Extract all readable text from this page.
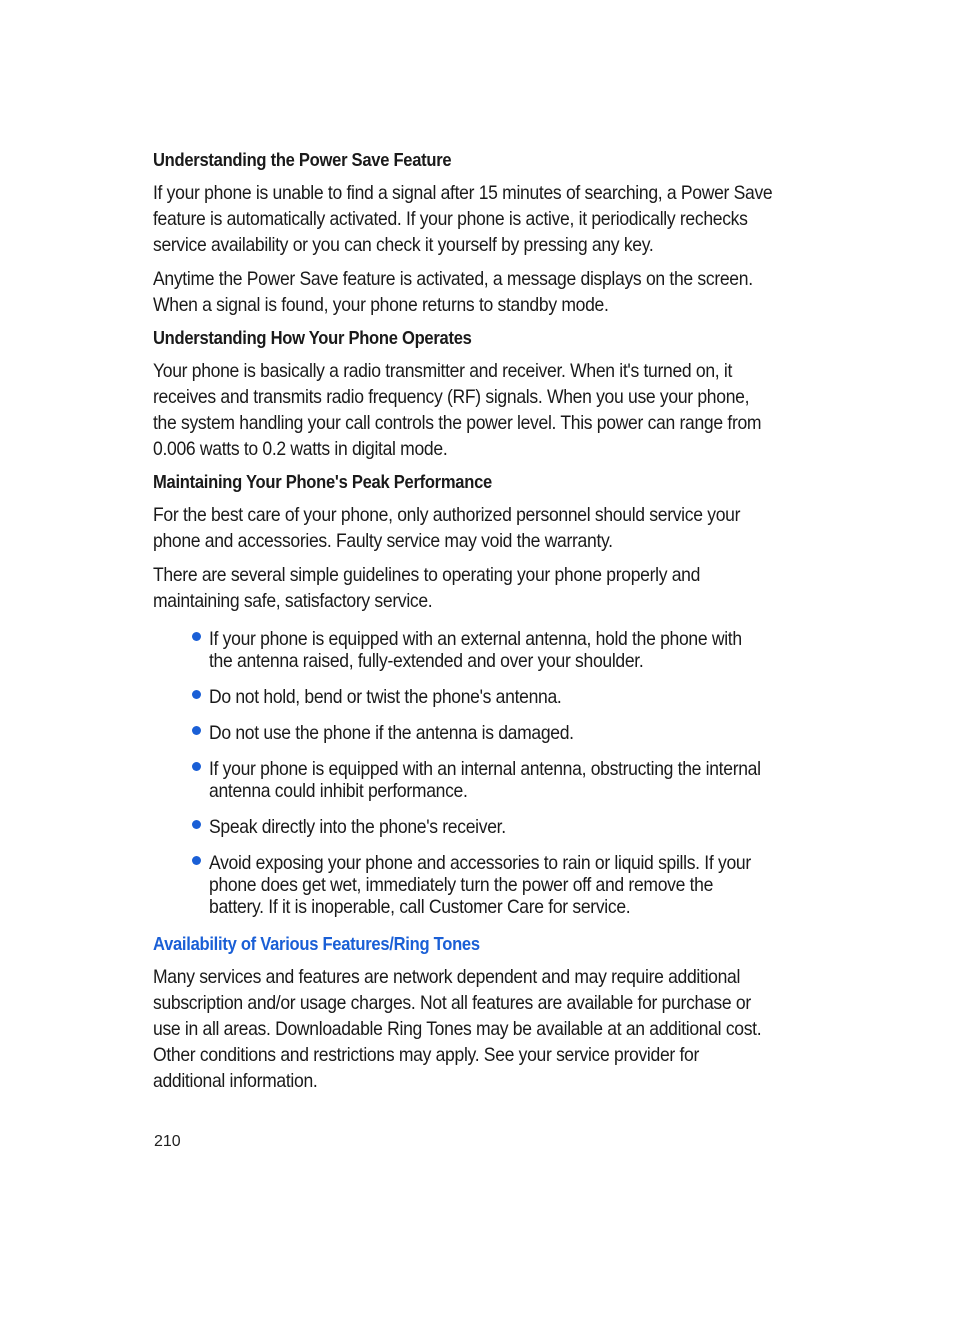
Understanding the Power Save Feature

If your phone is unable to find a signal after 15 minutes of searching, a Power Save feature is automatically activated. If your phone is active, it periodically rechecks service availability or you can check it yourself by pressing any key.

Anytime the Power Save feature is activated, a message displays on the screen. When a signal is found, your phone returns to standby mode.

Understanding How Your Phone Operates

Your phone is basically a radio transmitter and receiver. When it's turned on, it receives and transmits radio frequency (RF) signals. When you use your phone, the system handling your call controls the power level. This power can range from 0.006 watts to 0.2 watts in digital mode.

Maintaining Your Phone's Peak Performance

For the best care of your phone, only authorized personnel should service your phone and accessories. Faulty service may void the warranty.

There are several simple guidelines to operating your phone properly and maintaining safe, satisfactory service.

If your phone is equipped with an external antenna, hold the phone with the antenna raised, fully-extended and over your shoulder.
Do not hold, bend or twist the phone's antenna.
Do not use the phone if the antenna is damaged.
If your phone is equipped with an internal antenna, obstructing the internal antenna could inhibit performance.
Speak directly into the phone's receiver.
Avoid exposing your phone and accessories to rain or liquid spills. If your phone does get wet, immediately turn the power off and remove the battery. If it is inoperable, call Customer Care for service.
Availability of Various Features/Ring Tones

Many services and features are network dependent and may require additional subscription and/or usage charges. Not all features are available for purchase or use in all areas. Downloadable Ring Tones may be available at an additional cost. Other conditions and restrictions may apply. See your service provider for additional information.

210
